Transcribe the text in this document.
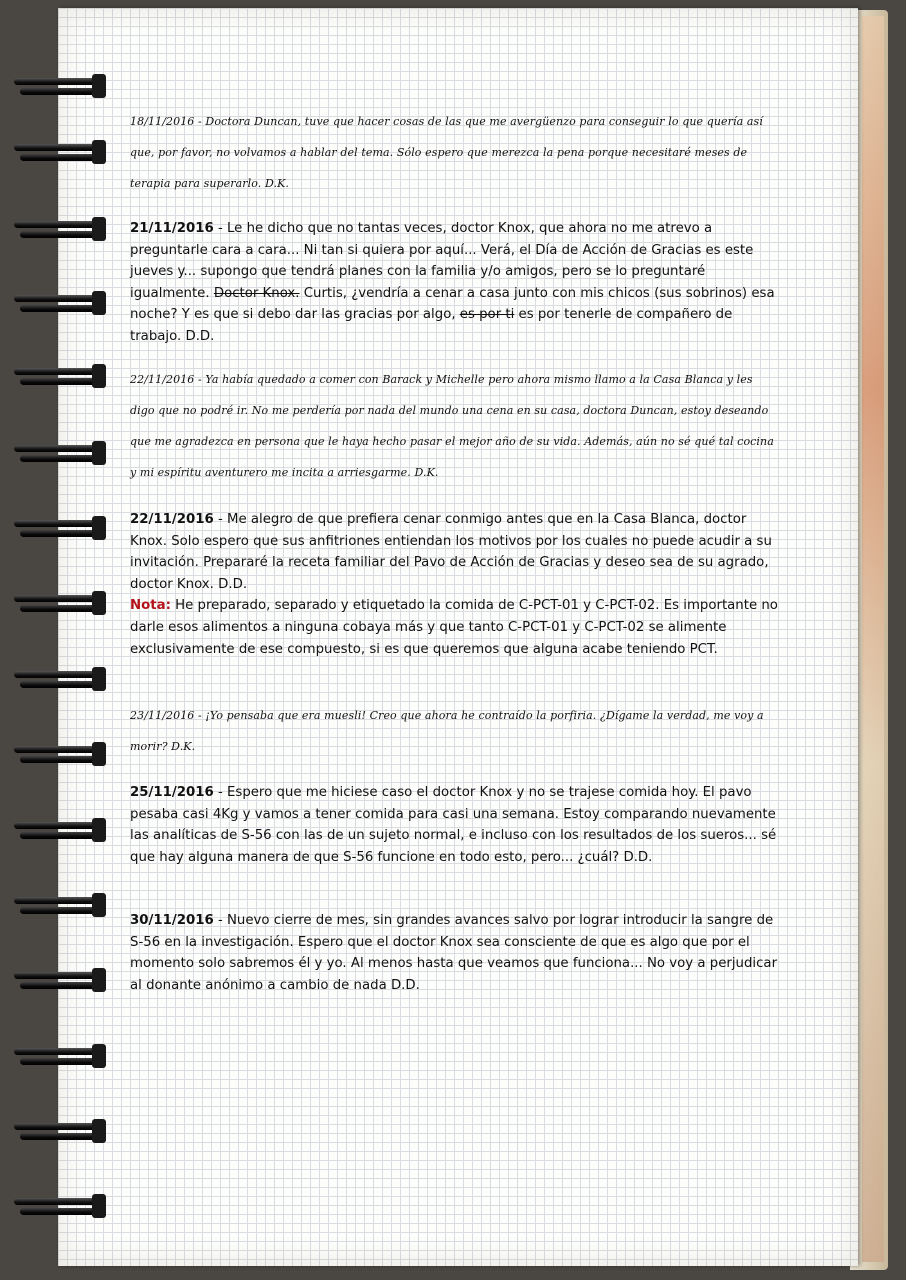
18/11/2016 - Doctora Duncan, tuve que hacer cosas de las que me avergüenzo para conseguir lo que quería así que, por favor, no volvamos a hablar del tema. Sólo espero que merezca la pena porque necesitaré meses de terapia para superarlo. D.K.
21/11/2016 - Le he dicho que no tantas veces, doctor Knox, que ahora no me atrevo a preguntarle cara a cara... Ni tan si quiera por aquí... Verá, el Día de Acción de Gracias es este jueves y... supongo que tendrá planes con la familia y/o amigos, pero se lo preguntaré igualmente. Doctor Knox. Curtis, ¿vendría a cenar a casa junto con mis chicos (sus sobrinos) esa noche? Y es que si debo dar las gracias por algo, es por ti es por tenerle de compañero de trabajo. D.D.
22/11/2016 - Ya había quedado a comer con Barack y Michelle pero ahora mismo llamo a la Casa Blanca y les digo que no podré ir. No me perdería por nada del mundo una cena en su casa, doctora Duncan, estoy deseando que me agradezca en persona que le haya hecho pasar el mejor año de su vida. Además, aún no sé qué tal cocina y mi espíritu aventurero me incita a arriesgarme. D.K.
22/11/2016 - Me alegro de que prefiera cenar conmigo antes que en la Casa Blanca, doctor Knox. Solo espero que sus anfitriones entiendan los motivos por los cuales no puede acudir a su invitación. Prepararé la receta familiar del Pavo de Acción de Gracias y deseo sea de su agrado, doctor Knox. D.D.
Nota: He preparado, separado y etiquetado la comida de C-PCT-01 y C-PCT-02. Es importante no darle esos alimentos a ninguna cobaya más y que tanto C-PCT-01 y C-PCT-02 se alimente exclusivamente de ese compuesto, si es que queremos que alguna acabe teniendo PCT.
23/11/2016 - ¡Yo pensaba que era muesli! Creo que ahora he contraído la porfiria. ¿Dígame la verdad, me voy a morir? D.K.
25/11/2016 - Espero que me hiciese caso el doctor Knox y no se trajese comida hoy. El pavo pesaba casi 4Kg y vamos a tener comida para casi una semana. Estoy comparando nuevamente las analíticas de S-56 con las de un sujeto normal, e incluso con los resultados de los sueros... sé que hay alguna manera de que S-56 funcione en todo esto, pero... ¿cuál? D.D.
30/11/2016 - Nuevo cierre de mes, sin grandes avances salvo por lograr introducir la sangre de S-56 en la investigación. Espero que el doctor Knox sea consciente de que es algo que por el momento solo sabremos él y yo. Al menos hasta que veamos que funciona... No voy a perjudicar al donante anónimo a cambio de nada D.D.
